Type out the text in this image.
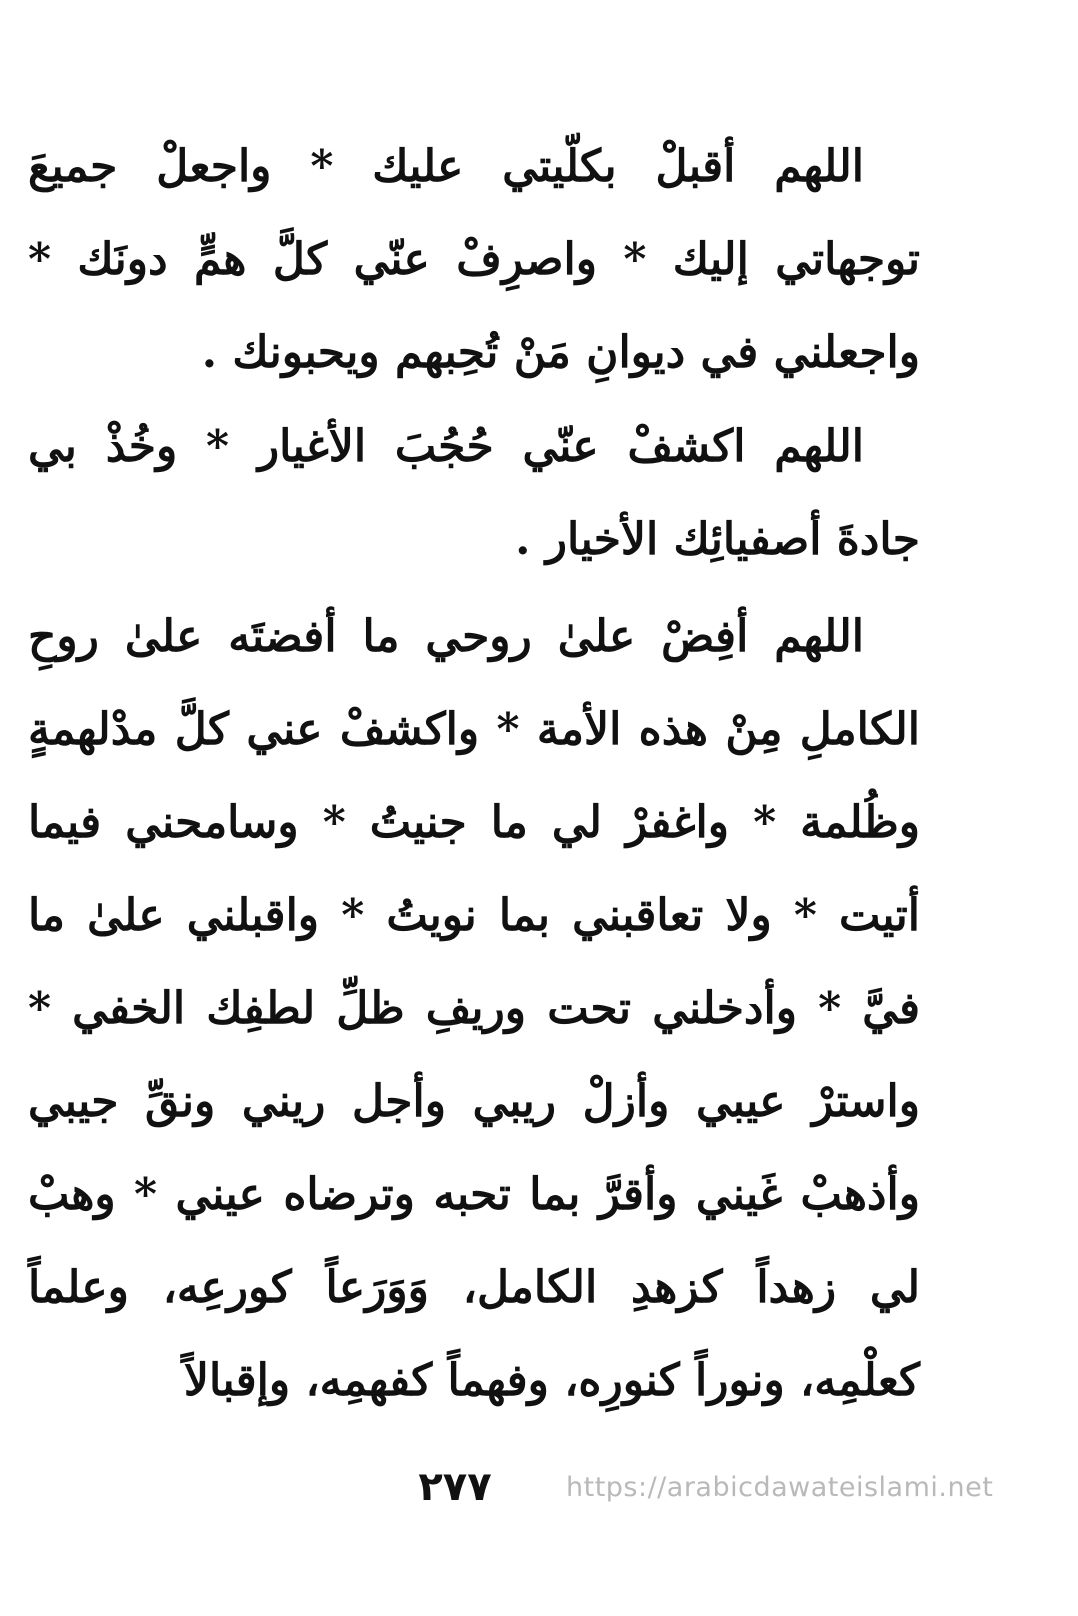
اللهم أقبلْ بكلّيتي عليك * واجعلْ جميعَ توجهاتي إليك * واصرِفْ عنّي كلَّ همٍّ دونَك * واجعلني في ديوانِ مَنْ تُحِبهم ويحبونك .

اللهم اكشفْ عنّي حُجُبَ الأغيار * وخُذْ بي جادةَ أصفيائِك الأخيار .

اللهم أفِضْ علىٰ روحي ما أفضتَه علىٰ روحِ الكاملِ مِنْ هذه الأمة * واكشفْ عني كلَّ مدْلهمةٍ وظُلمة * واغفرْ لي ما جنيتُ * وسامحني فيما أتيت * ولا تعاقبني بما نويتُ * واقبلني علىٰ ما فيَّ * وأدخلني تحت وريفِ ظلِّ لطفِك الخفي * واسترْ عيبي وأزلْ ريبي وأجل ريني ونقِّ جيبي وأذهبْ غَيني وأقرَّ بما تحبه وترضاه عيني * وهبْ لي زهداً كزهدِ الكامل، وَوَرَعاً كورعِه، وعلماً كعلْمِه، ونوراً كنورِه، وفهماً كفهمِه، وإقبالاً

٢٧٧	https://arabicdawateislami.net
